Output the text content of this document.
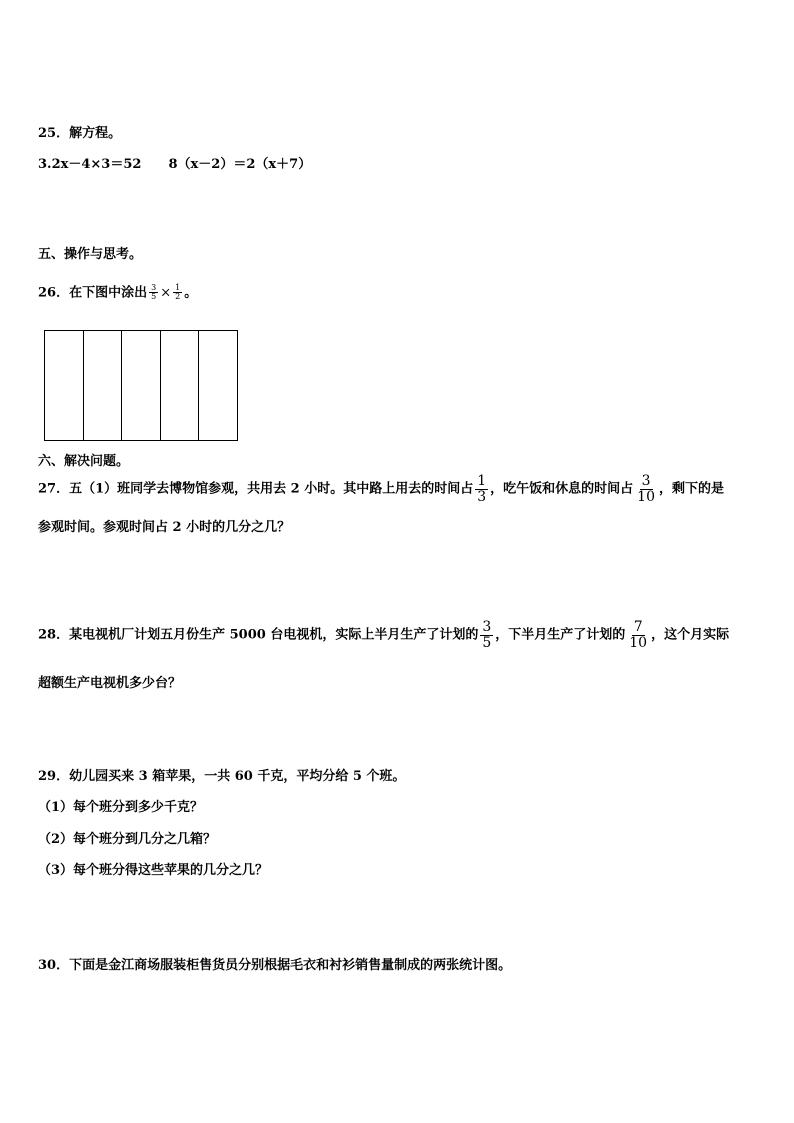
25．解方程。
3.2x－4×3＝52 8（x－2）＝2（x＋7）
五、操作与思考。
26．在下图中涂出 $\frac{3}{5} \times \frac{1}{2}$ 。
六、解决问题。
27．五（1）班同学去博物馆参观，共用去 2 小时。其中路上用去的时间占 $\frac{1}{3}$ ，吃午饭和休息的时间占 $\frac{3}{10}$ ，剩下的是
参观时间。参观时间占 2 小时的几分之几？
28．某电视机厂计划五月份生产 5000 台电视机，实际上半月生产了计划的 $\frac{3}{5}$ ，下半月生产了计划的 $\frac{7}{10}$ ，这个月实际
超额生产电视机多少台？
29．幼儿园买来 3 箱苹果，一共 60 千克，平均分给 5 个班。
（1）每个班分到多少千克？
（2）每个班分到几分之几箱？
（3）每个班分得这些苹果的几分之几？
30．下面是金江商场服装柜售货员分别根据毛衣和衬衫销售量制成的两张统计图。
